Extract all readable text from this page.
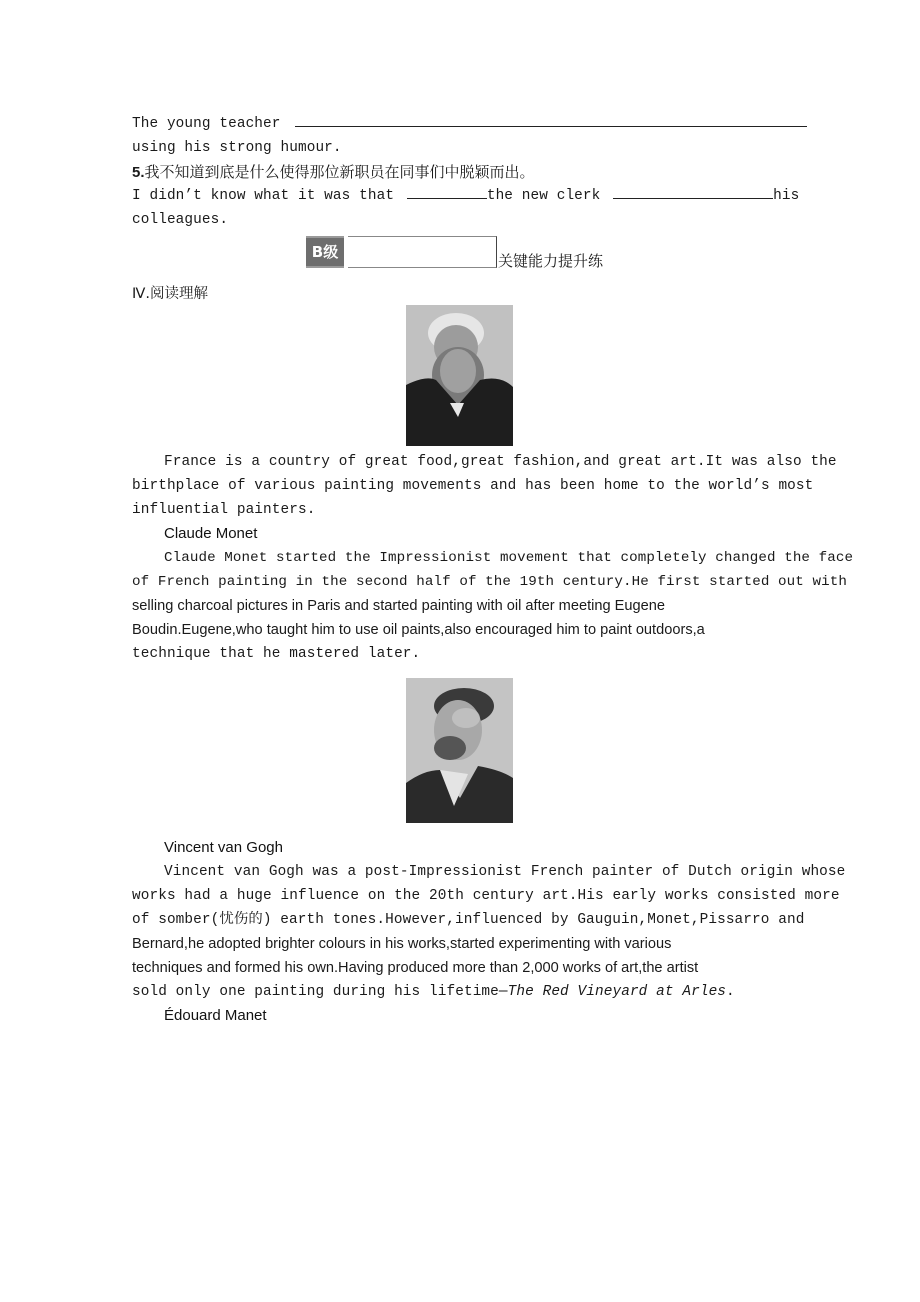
The young teacher
using his strong humour.
5.我不知道到底是什么使得那位新职员在同事们中脱颖而出。
I didn’t know what it was that	the new clerk	his
colleagues.
B级	关键能力提升练
Ⅳ.阅读理解
France is a country of great food,great fashion,and great art.It was also the
birthplace of various painting movements and has been home to the world’s most
influential painters.
Claude Monet
Claude Monet started the Impressionist movement that completely changed the face
of French painting in the second half of the 19th century.He first started out with
selling charcoal pictures in Paris and started painting with oil after meeting Eugene
Boudin.Eugene,who taught him to use oil paints,also encouraged him to paint outdoors,a
technique that he mastered later.
Vincent van Gogh
Vincent van Gogh was a post-Impressionist French painter of Dutch origin whose
works had a huge influence on the 20th century art.His early works consisted more
of somber(忧伤的) earth tones.However,influenced by Gauguin,Monet,Pissarro and
Bernard,he adopted brighter colours in his works,started experimenting with various
techniques and formed his own.Having produced more than 2,000 works of art,the artist
sold only one painting during his lifetime—The Red Vineyard at Arles.
Édouard Manet
